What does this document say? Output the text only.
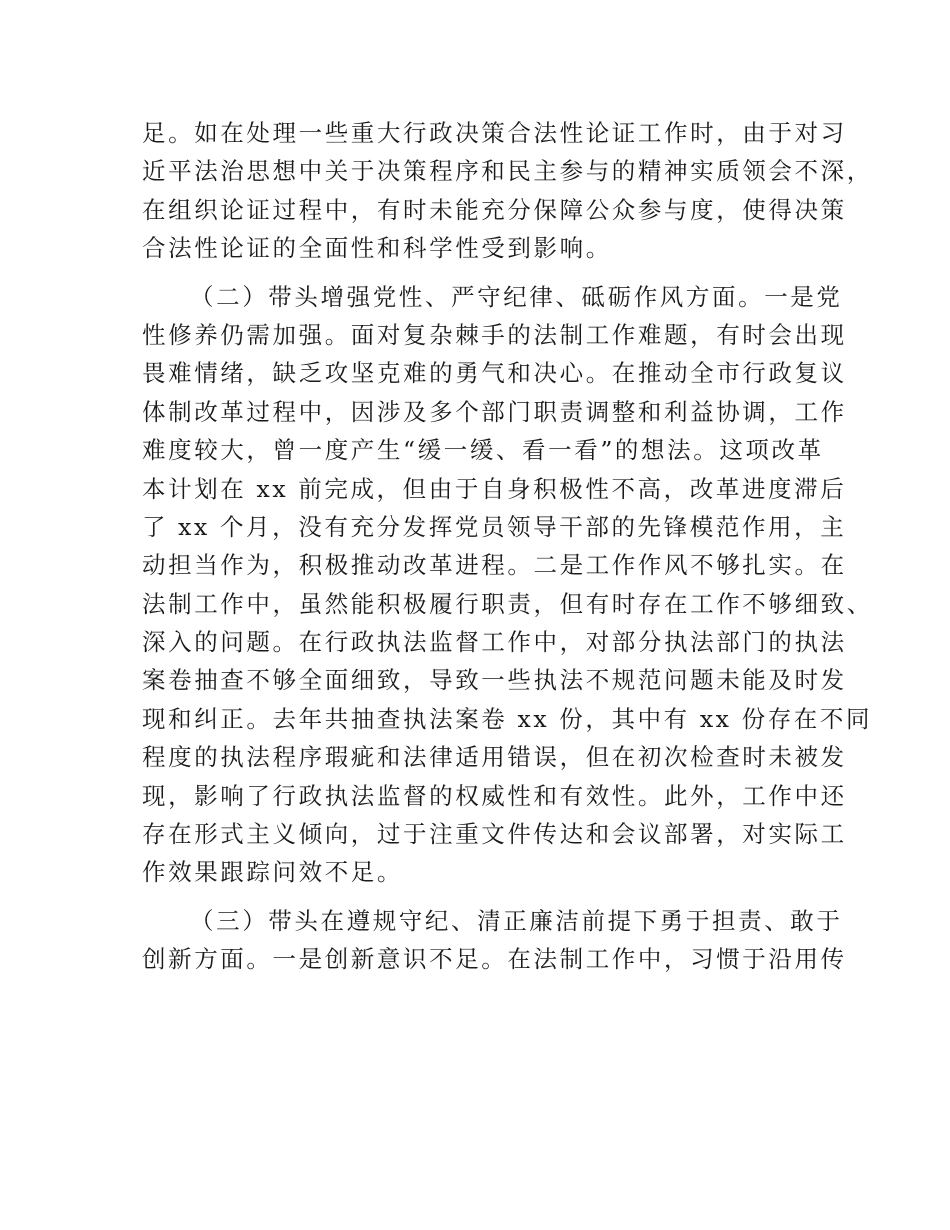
足。如在处理一些重大行政决策合法性论证工作时，由于对习
近平法治思想中关于决策程序和民主参与的精神实质领会不深，
在组织论证过程中，有时未能充分保障公众参与度，使得决策
合法性论证的全面性和科学性受到影响。
（二）带头增强党性、严守纪律、砥砺作风方面。一是党
性修养仍需加强。面对复杂棘手的法制工作难题，有时会出现
畏难情绪，缺乏攻坚克难的勇气和决心。在推动全市行政复议
体制改革过程中，因涉及多个部门职责调整和利益协调，工作
难度较大，曾一度产生“缓一缓、看一看”的想法。这项改革
本计划在 xx 前完成，但由于自身积极性不高，改革进度滞后
了 xx 个月，没有充分发挥党员领导干部的先锋模范作用，主
动担当作为，积极推动改革进程。二是工作作风不够扎实。在
法制工作中，虽然能积极履行职责，但有时存在工作不够细致、
深入的问题。在行政执法监督工作中，对部分执法部门的执法
案卷抽查不够全面细致，导致一些执法不规范问题未能及时发
现和纠正。去年共抽查执法案卷 xx 份，其中有 xx 份存在不同
程度的执法程序瑕疵和法律适用错误，但在初次检查时未被发
现，影响了行政执法监督的权威性和有效性。此外，工作中还
存在形式主义倾向，过于注重文件传达和会议部署，对实际工
作效果跟踪问效不足。
（三）带头在遵规守纪、清正廉洁前提下勇于担责、敢于
创新方面。一是创新意识不足。在法制工作中，习惯于沿用传
